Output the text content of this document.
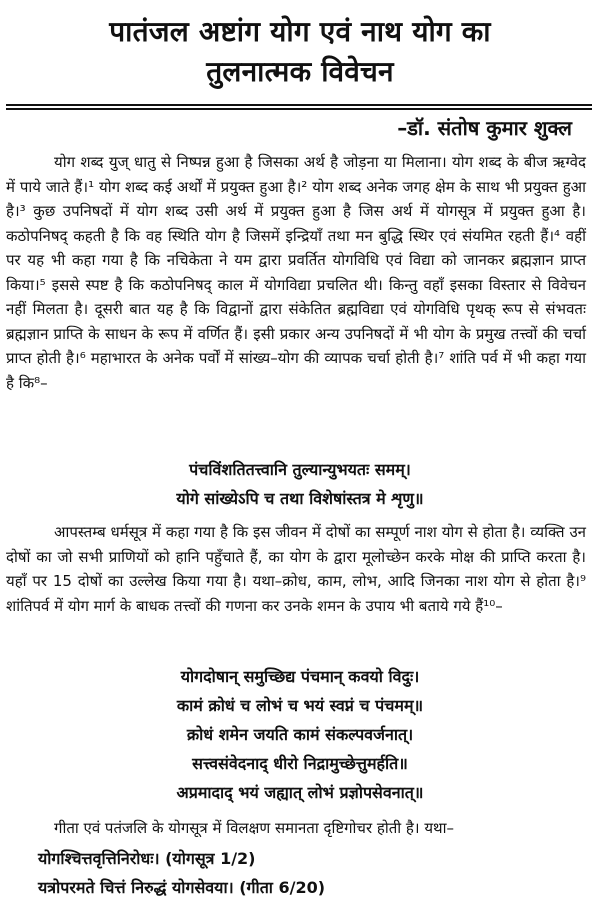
पातंजल अष्टांग योग एवं नाथ योग का
तुलनात्मक विवेचन
–डॉ. संतोष कुमार शुक्ल

योग शब्द युज् धातु से निष्पन्न हुआ है जिसका अर्थ है जोड़ना या मिलाना। योग शब्द के बीज ऋग्वेद में पाये जाते हैं।¹ योग शब्द कई अर्थों में प्रयुक्त हुआ है।² योग शब्द अनेक जगह क्षेम के साथ भी प्रयुक्त हुआ है।³ कुछ उपनिषदों में योग शब्द उसी अर्थ में प्रयुक्त हुआ है जिस अर्थ में योगसूत्र में प्रयुक्त हुआ है। कठोपनिषद् कहती है कि वह स्थिति योग है जिसमें इन्द्रियाँ तथा मन बुद्धि स्थिर एवं संयमित रहती हैं।⁴ वहीं पर यह भी कहा गया है कि नचिकेता ने यम द्वारा प्रवर्तित योगविधि एवं विद्या को जानकर ब्रह्मज्ञान प्राप्त किया।⁵ इससे स्पष्ट है कि कठोपनिषद् काल में योगविद्या प्रचलित थी। किन्तु वहाँ इसका विस्तार से विवेचन नहीं मिलता है। दूसरी बात यह है कि विद्वानों द्वारा संकेतित ब्रह्मविद्या एवं योगविधि पृथक् रूप से संभवतः ब्रह्मज्ञान प्राप्ति के साधन के रूप में वर्णित हैं। इसी प्रकार अन्य उपनिषदों में भी योग के प्रमुख तत्त्वों की चर्चा प्राप्त होती है।⁶ महाभारत के अनेक पर्वों में सांख्य–योग की व्यापक चर्चा होती है।⁷ शांति पर्व में भी कहा गया है कि⁸–

पंचविंशतितत्त्वानि तुल्यान्युभयतः समम्।
योगे सांख्येऽपि च तथा विशेषांस्तत्र मे शृणु॥

आपस्तम्ब धर्मसूत्र में कहा गया है कि इस जीवन में दोषों का सम्पूर्ण नाश योग से होता है। व्यक्ति उन दोषों का जो सभी प्राणियों को हानि पहुँचाते हैं, का योग के द्वारा मूलोच्छेन करके मोक्ष की प्राप्ति करता है। यहाँ पर 15 दोषों का उल्लेख किया गया है। यथा–क्रोध, काम, लोभ, आदि जिनका नाश योग से होता है।⁹ शांतिपर्व में योग मार्ग के बाधक तत्त्वों की गणना कर उनके शमन के उपाय भी बताये गये हैं¹⁰–

योगदोषान् समुच्छिद्य पंचमान् कवयो विदुः।
कामं क्रोधं च लोभं च भयं स्वप्नं च पंचमम्॥
क्रोधं शमेन जयति कामं संकल्पवर्जनात्।
सत्त्वसंवेदनाद् धीरो निद्रामुच्छेत्तुमर्हति॥
अप्रमादाद् भयं जह्यात् लोभं प्रज्ञोपसेवनात्॥

गीता एवं पतंजलि के योगसूत्र में विलक्षण समानता दृष्टिगोचर होती है। यथा–

योगश्चित्तवृत्तिनिरोधः। (योगसूत्र 1/2)

यत्रोपरमते चित्तं निरुद्धं योगसेवया। (गीता 6/20)
